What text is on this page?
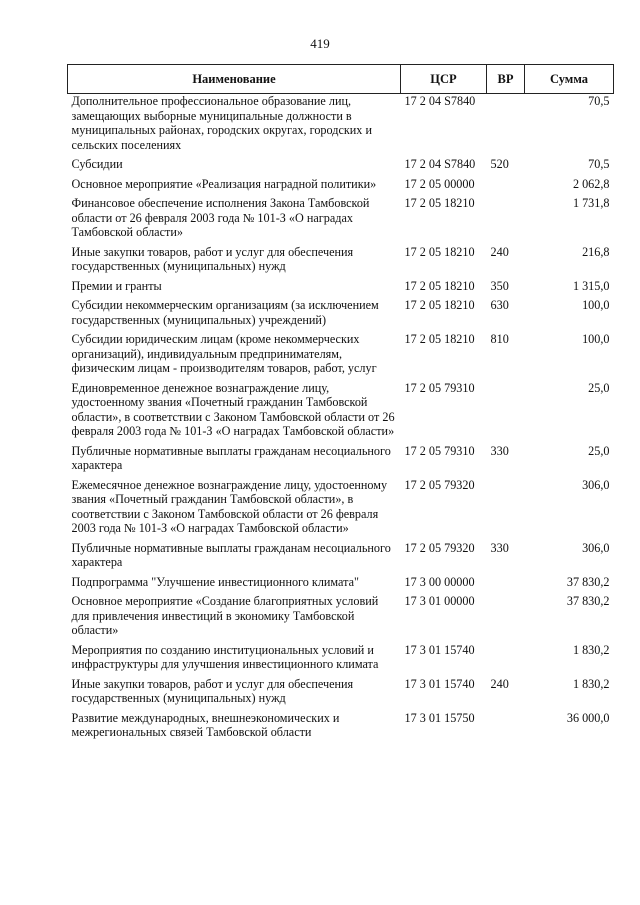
419
Наименование	ЦСР	ВР	Сумма
Дополнительное профессиональное образование лиц, замещающих выборные муниципальные должности в муниципальных районах, городских округах, городских и сельских поселениях	17 2 04 S7840		70,5
Субсидии	17 2 04 S7840	520	70,5
Основное мероприятие «Реализация наградной политики»	17 2 05 00000		2 062,8
Финансовое обеспечение исполнения Закона Тамбовской области от 26 февраля 2003 года № 101-З «О наградах Тамбовской области»	17 2 05 18210		1 731,8
Иные закупки товаров, работ и услуг для обеспечения государственных (муниципальных) нужд	17 2 05 18210	240	216,8
Премии и гранты	17 2 05 18210	350	1 315,0
Субсидии некоммерческим организациям (за исключением государственных (муниципальных) учреждений)	17 2 05 18210	630	100,0
Субсидии юридическим лицам (кроме некоммерческих организаций), индивидуальным предпринимателям, физическим лицам - производителям товаров, работ, услуг	17 2 05 18210	810	100,0
Единовременное денежное вознаграждение лицу, удостоенному звания «Почетный гражданин Тамбовской области», в соответствии с Законом Тамбовской области от 26 февраля 2003 года № 101-З «О наградах Тамбовской области»	17 2 05 79310		25,0
Публичные нормативные выплаты гражданам несоциального характера	17 2 05 79310	330	25,0
Ежемесячное денежное вознаграждение лицу, удостоенному звания «Почетный гражданин Тамбовской области», в соответствии с Законом Тамбовской области от 26 февраля 2003 года № 101-З «О наградах Тамбовской области»	17 2 05 79320		306,0
Публичные нормативные выплаты гражданам несоциального характера	17 2 05 79320	330	306,0
Подпрограмма "Улучшение инвестиционного климата"	17 3 00 00000		37 830,2
Основное мероприятие «Создание благоприятных условий для привлечения инвестиций в экономику Тамбовской области»	17 3 01 00000		37 830,2
Мероприятия по созданию институциональных условий и инфраструктуры для улучшения инвестиционного климата	17 3 01 15740		1 830,2
Иные закупки товаров, работ и услуг для обеспечения государственных (муниципальных) нужд	17 3 01 15740	240	1 830,2
Развитие международных, внешнеэкономических и межрегиональных связей Тамбовской области	17 3 01 15750		36 000,0
